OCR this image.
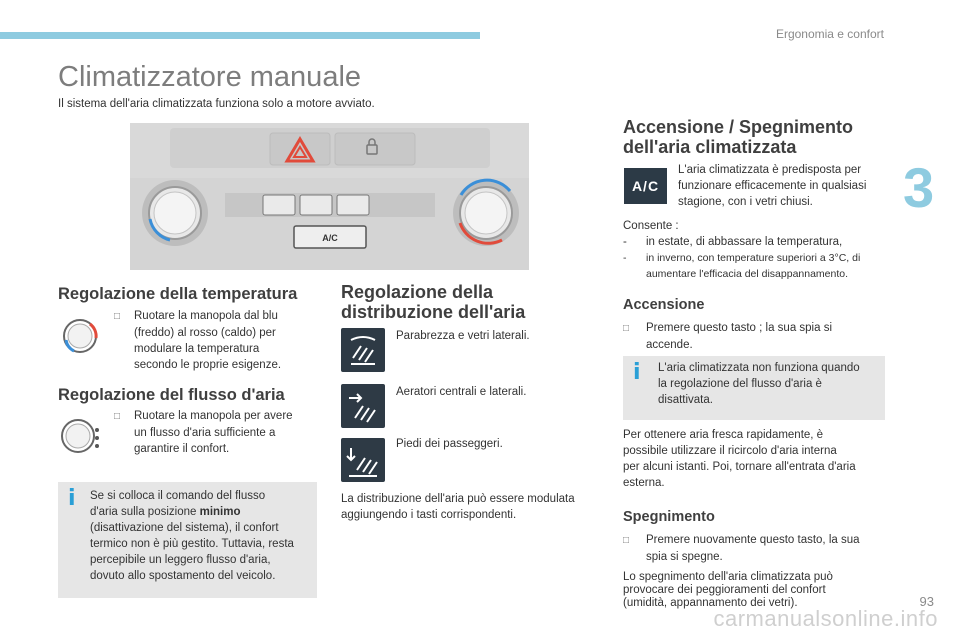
Ergonomia e confort
3
Climatizzatore manuale
Il sistema dell'aria climatizzata funziona solo a motore avviato.
A/C
Regolazione della temperatura
□ Ruotare la manopola dal blu
(freddo) al rosso (caldo) per
modulare la temperatura
secondo le proprie esigenze.
Regolazione del flusso d'aria
□ Ruotare la manopola per avere
un flusso d'aria sufficiente a
garantire il confort.
i Se si colloca il comando del flusso
d'aria sulla posizione minimo
(disattivazione del sistema), il confort
termico non è più gestito. Tuttavia, resta
percepibile un leggero flusso d'aria,
dovuto allo spostamento del veicolo.
Regolazione della
distribuzione dell'aria
Parabrezza e vetri laterali.
Aeratori centrali e laterali.
Piedi dei passeggeri.
La distribuzione dell'aria può essere modulata
aggiungendo i tasti corrispondenti.
Accensione / Spegnimento
dell'aria climatizzata
A/C
L'aria climatizzata è predisposta per
funzionare efficacemente in qualsiasi
stagione, con i vetri chiusi.
Consente :
- in estate, di abbassare la temperatura,
- in inverno, con temperature superiori a 3°C, di
aumentare l'efficacia del disappannamento.
Accensione
□ Premere questo tasto ; la sua spia si
accende.
i L'aria climatizzata non funziona quando
la regolazione del flusso d'aria è
disattivata.
Per ottenere aria fresca rapidamente, è
possibile utilizzare il ricircolo d'aria interna
per alcuni istanti. Poi, tornare all'entrata d'aria
esterna.
Spegnimento
□ Premere nuovamente questo tasto, la sua
spia si spegne.
Lo spegnimento dell'aria climatizzata può
provocare dei peggioramenti del confort
(umidità, appannamento dei vetri).
carmanualsonline.info
93
